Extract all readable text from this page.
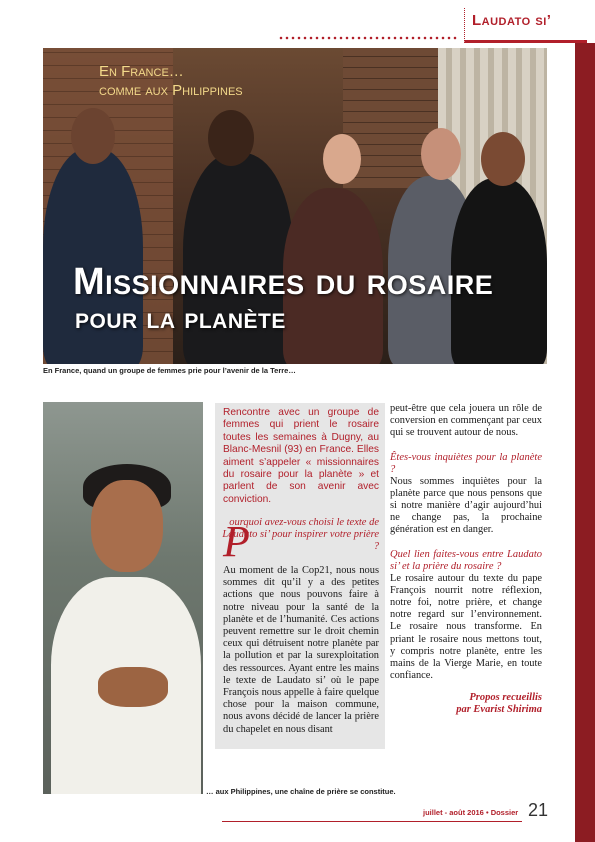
Laudato si’
En France…
comme aux Philippines
Missionnaires du rosaire
pour la planète
En France, quand un groupe de femmes prie pour l’avenir de la Terre…
… aux Philippines, une chaîne de prière se constitue.
Rencontre avec un groupe de femmes qui prient le rosaire toutes les semaines à Dugny, au Blanc-Mesnil (93) en France. Elles aiment s’appeler « missionnaires du rosaire pour la planète » et parlent de son avenir avec conviction.
P
ourquoi avez-vous choisi le texte de Laudato si’ pour inspirer votre prière ?
Au moment de la Cop21, nous nous sommes dit qu’il y a des petites actions que nous pouvons faire à notre niveau pour la santé de la planète et de l’humanité. Ces actions peuvent remettre sur le droit chemin ceux qui détruisent notre planète par la pollution et par la surexploitation des ressources. Ayant entre les mains le texte de Laudato si’ où le pape François nous appelle à faire quelque chose pour la maison commune, nous avons décidé de lancer la prière du chapelet en nous disant

peut-être que cela jouera un rôle de conversion en commençant par ceux qui se trouvent autour de nous.

Êtes-vous inquiètes pour la planète ?

Nous sommes inquiètes pour la planète parce que nous pensons que si notre manière d’agir aujourd’hui ne change pas, la prochaine génération est en danger.

Quel lien faites-vous entre Laudato si’ et la prière du rosaire ?

Le rosaire autour du texte du pape François nourrit notre réflexion, notre foi, notre prière, et change notre regard sur l’environnement. Le rosaire nous transforme. En priant le rosaire nous mettons tout, y compris notre planète, entre les mains de la Vierge Marie, en toute confiance.

Propos recueillis
par Evarist Shirima
juillet - août 2016 • Dossier 21
